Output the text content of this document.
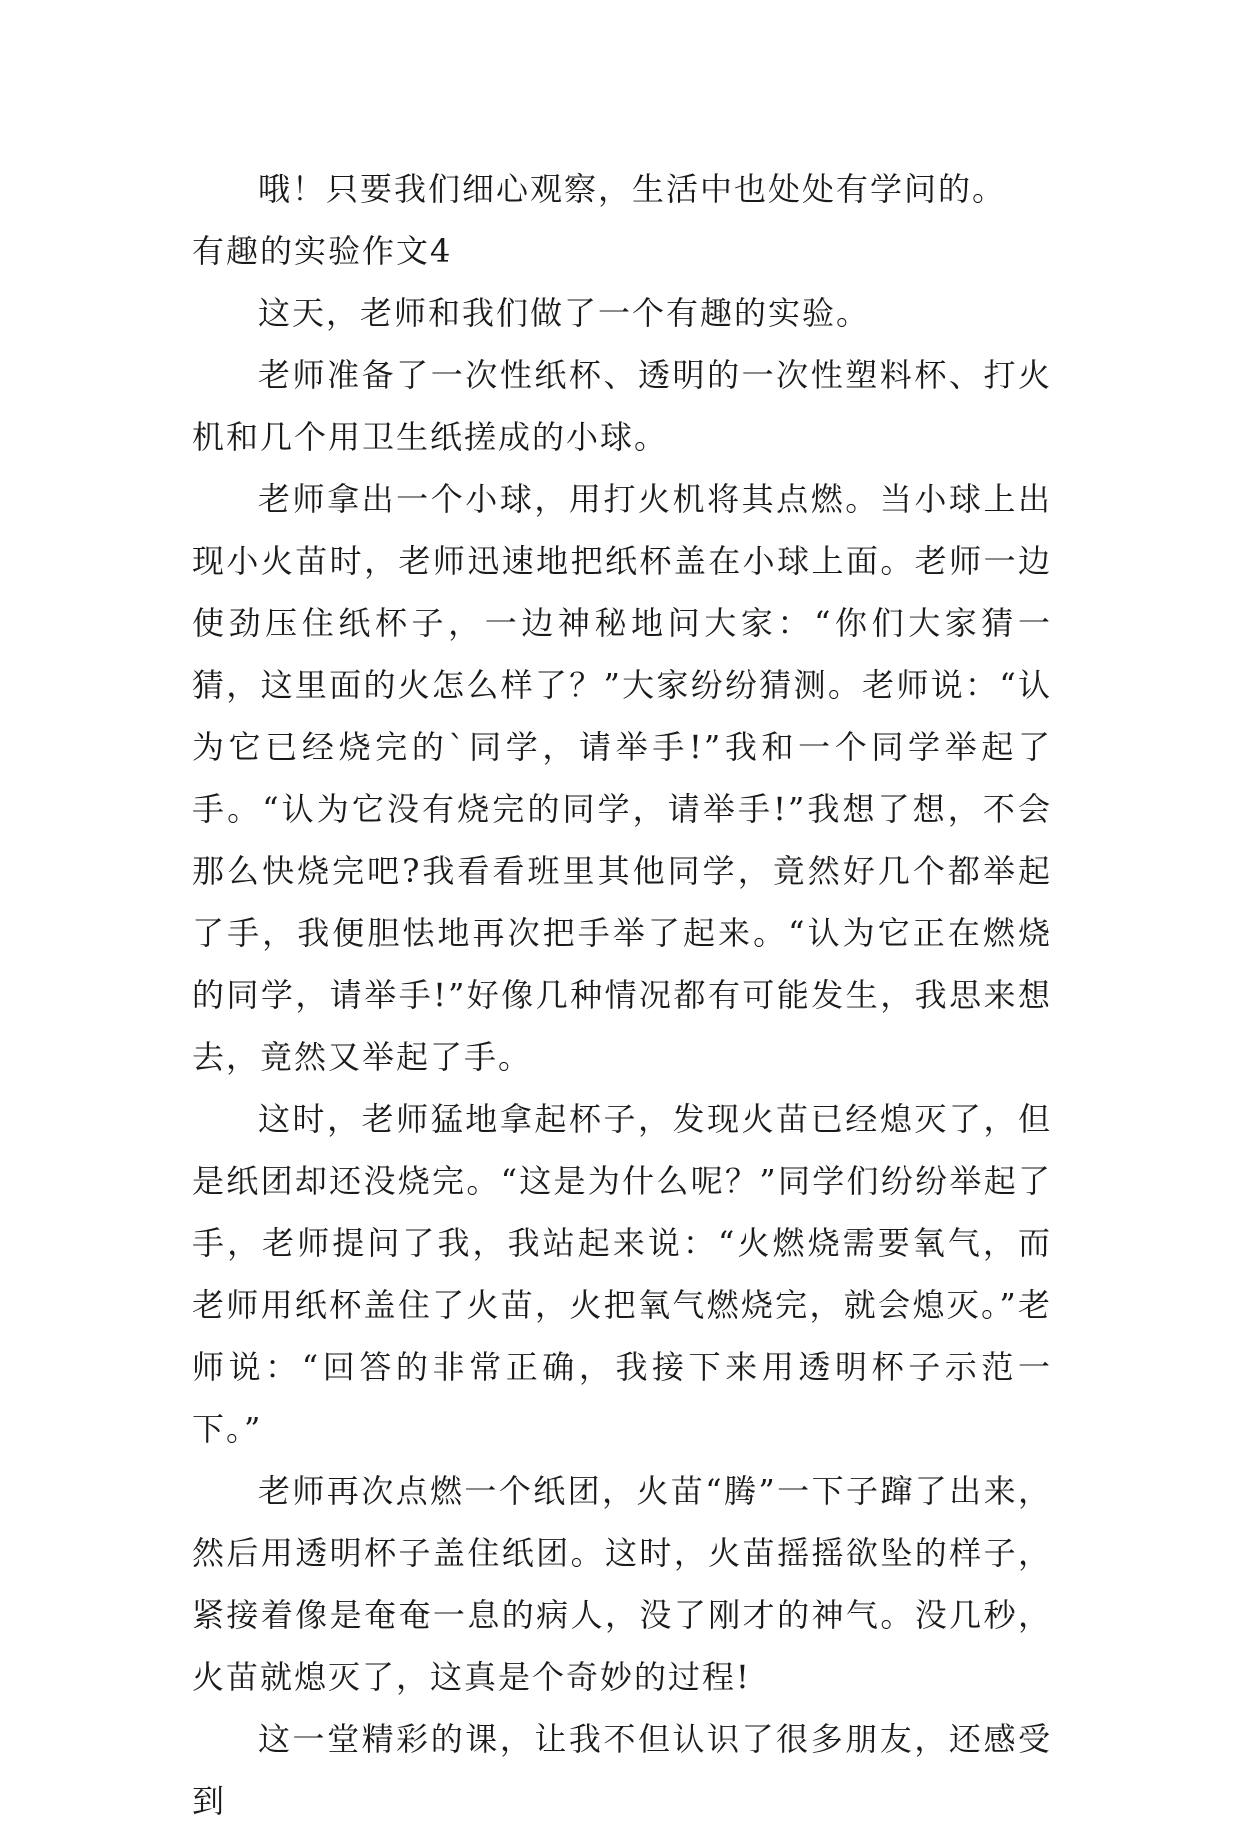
哦！只要我们细心观察，生活中也处处有学问的。

有趣的实验作文4

这天，老师和我们做了一个有趣的实验。

老师准备了一次性纸杯、透明的一次性塑料杯、打火机和几个用卫生纸搓成的小球。

老师拿出一个小球，用打火机将其点燃。当小球上出现小火苗时，老师迅速地把纸杯盖在小球上面。老师一边使劲压住纸杯子，一边神秘地问大家：“你们大家猜一猜，这里面的火怎么样了？”大家纷纷猜测。老师说：“认为它已经烧完的`同学，请举手!”我和一个同学举起了手。“认为它没有烧完的同学，请举手!”我想了想，不会那么快烧完吧?我看看班里其他同学，竟然好几个都举起了手，我便胆怯地再次把手举了起来。“认为它正在燃烧的同学，请举手!”好像几种情况都有可能发生，我思来想去，竟然又举起了手。

这时，老师猛地拿起杯子，发现火苗已经熄灭了，但是纸团却还没烧完。“这是为什么呢？”同学们纷纷举起了手，老师提问了我，我站起来说：“火燃烧需要氧气，而老师用纸杯盖住了火苗，火把氧气燃烧完，就会熄灭。”老师说：“回答的非常正确，我接下来用透明杯子示范一下。”

老师再次点燃一个纸团，火苗“腾”一下子蹿了出来，然后用透明杯子盖住纸团。这时，火苗摇摇欲坠的样子，紧接着像是奄奄一息的病人，没了刚才的神气。没几秒，火苗就熄灭了，这真是个奇妙的过程!

这一堂精彩的课，让我不但认识了很多朋友，还感受到
